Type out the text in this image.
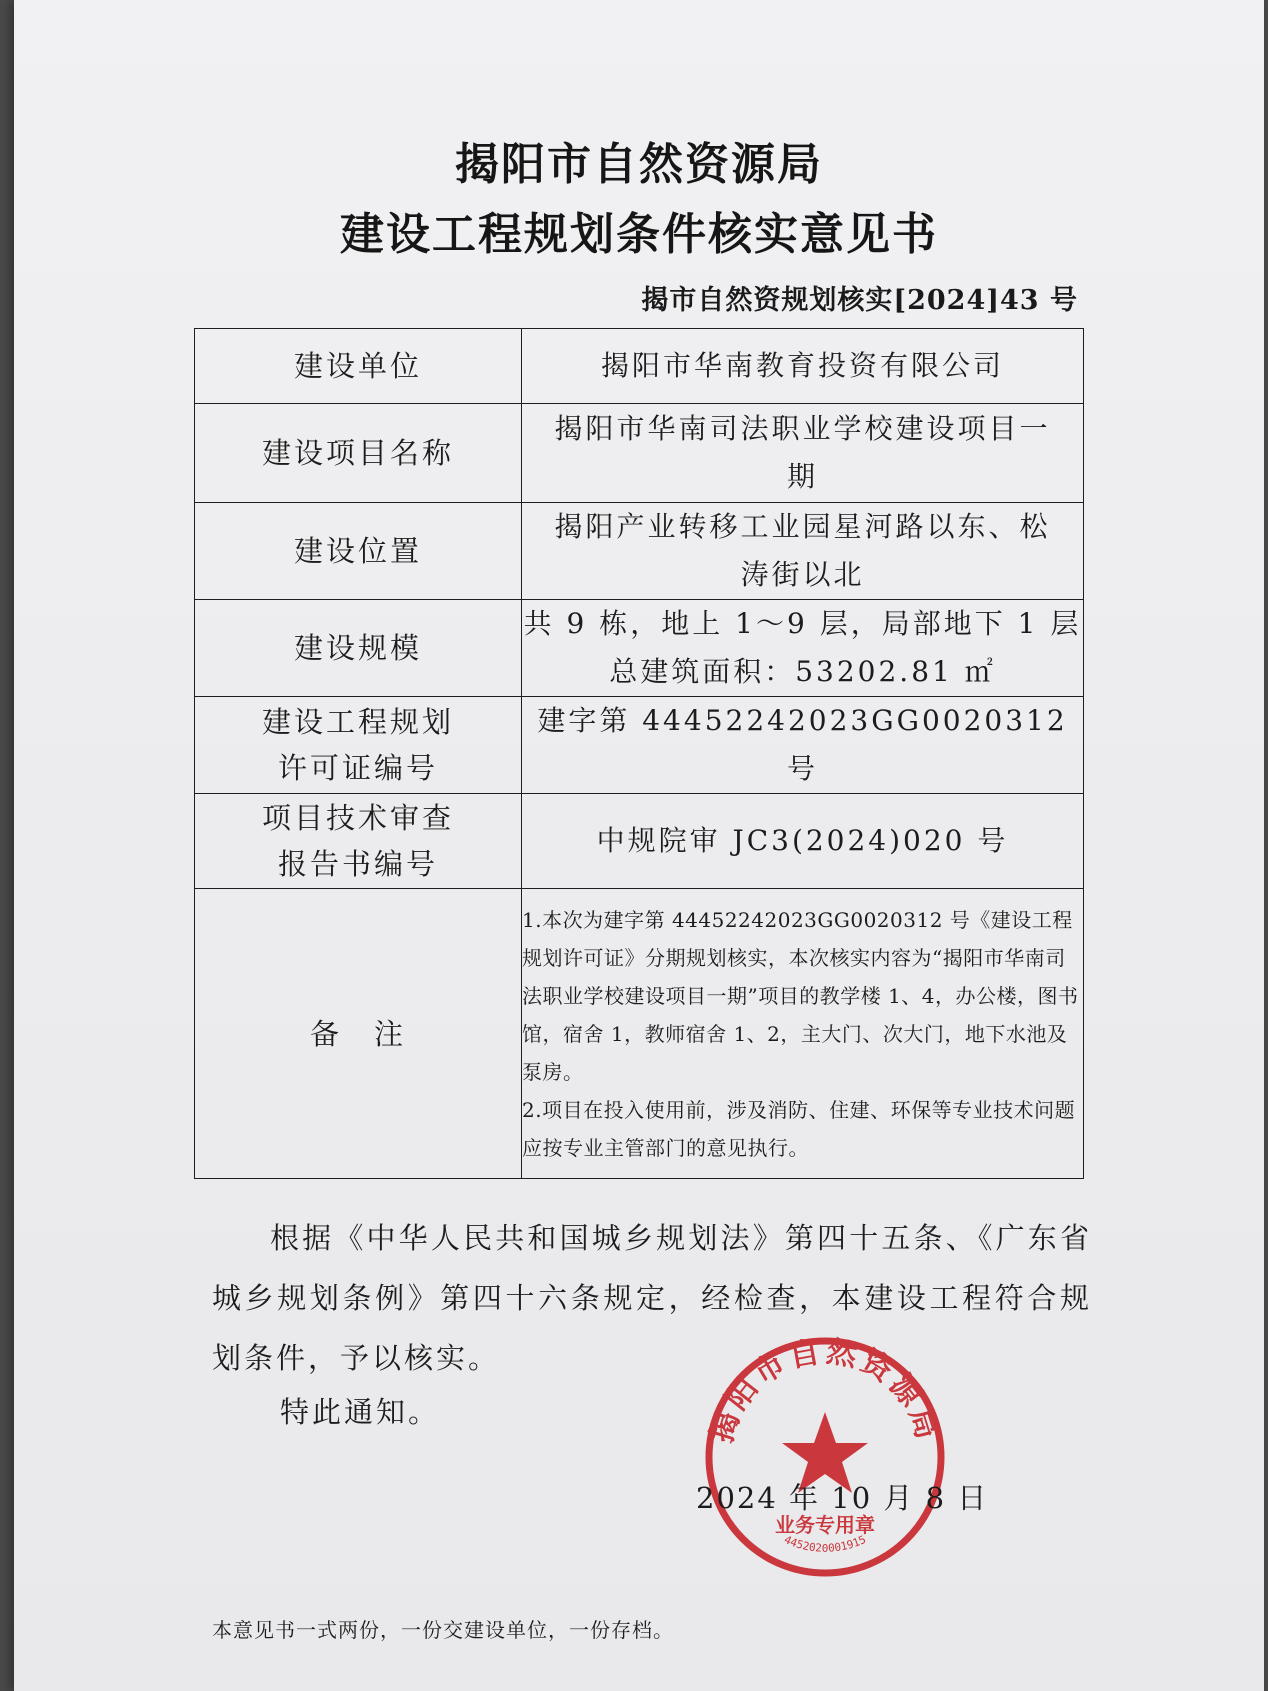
揭阳市自然资源局
建设工程规划条件核实意见书
揭市自然资规划核实[2024]43 号
建设单位	揭阳市华南教育投资有限公司

建设项目名称	揭阳市华南司法职业学校建设项目一
期

建设位置	揭阳产业转移工业园星河路以东、松
涛街以北

建设规模	共 9 栋，地上 1～9 层，局部地下 1 层
总建筑面积：53202.81 ㎡

建设工程规划
许可证编号	建字第 44452242023GG0020312 号

项目技术审查
报告书编号	中规院审 JC3(2024)020 号

备　注	1.本次为建字第 44452242023GG0020312 号《建设工程规划许可证》分期规划核实，本次核实内容为“揭阳市华南司法职业学校建设项目一期”项目的教学楼 1、4，办公楼，图书馆，宿舍 1，教师宿舍 1、2，主大门、次大门，地下水池及泵房。
2.项目在投入使用前，涉及消防、住建、环保等专业技术问题应按专业主管部门的意见执行。
根据《中华人民共和国城乡规划法》第四十五条、《广东省城乡规划条例》第四十六条规定，经检查，本建设工程符合规划条件，予以核实。
特此通知。	揭阳市自然资源局
业务专用章
4452020001915
2024 年 10 月 8 日
本意见书一式两份，一份交建设单位，一份存档。
